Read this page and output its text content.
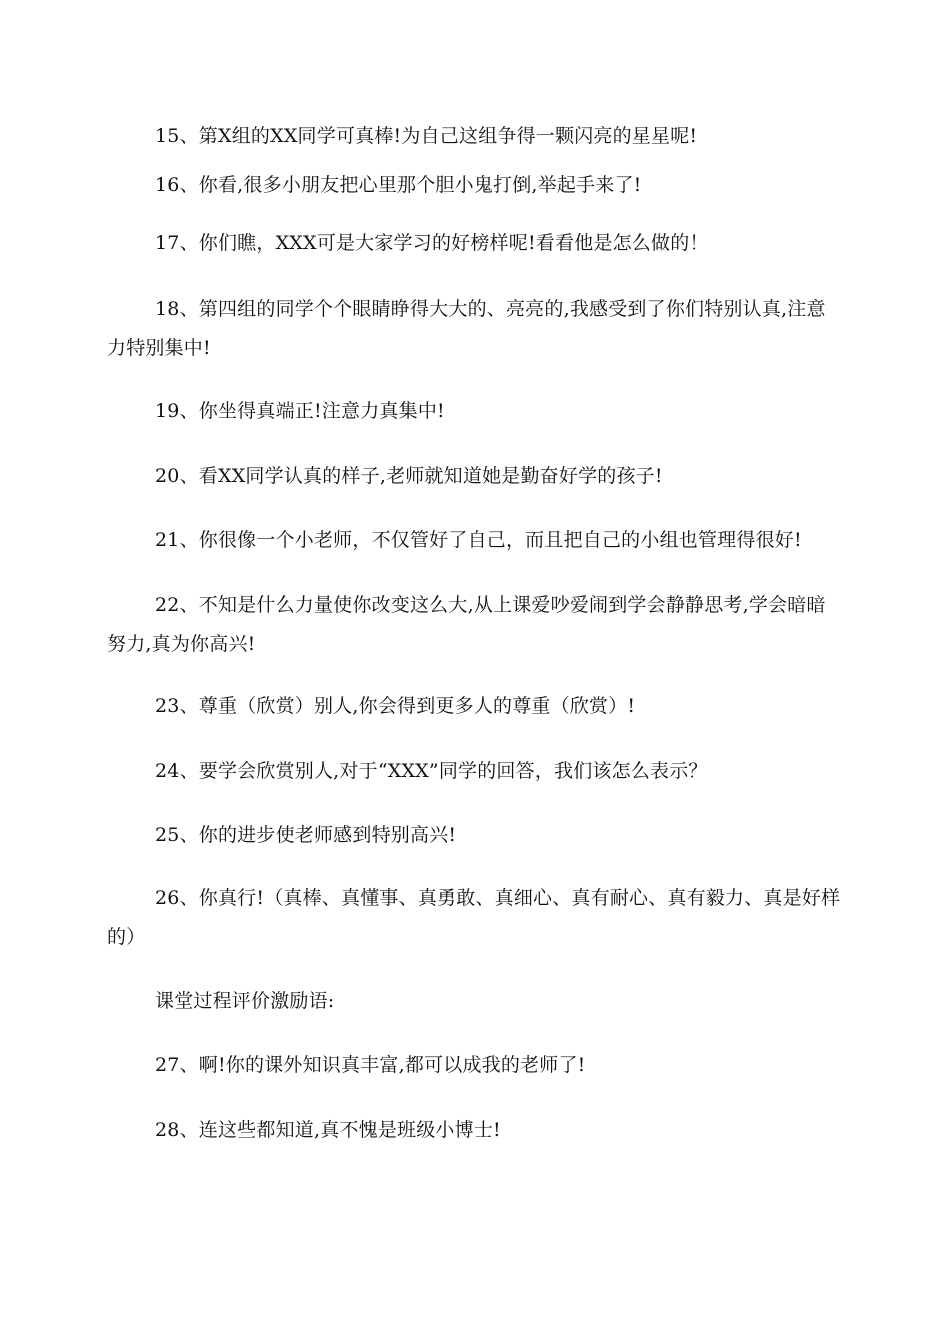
15、第X组的XX同学可真棒!为自己这组争得一颗闪亮的星星呢!

16、你看,很多小朋友把心里那个胆小鬼打倒,举起手来了!

17、你们瞧，XXX可是大家学习的好榜样呢!看看他是怎么做的！

18、第四组的同学个个眼睛睁得大大的、亮亮的,我感受到了你们特别认真,注意力特别集中!

19、你坐得真端正!注意力真集中!

20、看XX同学认真的样子,老师就知道她是勤奋好学的孩子!

21、你很像一个小老师，不仅管好了自己，而且把自己的小组也管理得很好!

22、不知是什么力量使你改变这么大,从上课爱吵爱闹到学会静静思考,学会暗暗努力,真为你高兴!

23、尊重（欣赏）别人,你会得到更多人的尊重（欣赏）!

24、要学会欣赏别人,对于“XXX”同学的回答，我们该怎么表示？

25、你的进步使老师感到特别高兴!

26、你真行!（真棒、真懂事、真勇敢、真细心、真有耐心、真有毅力、真是好样的）

课堂过程评价激励语:

27、啊!你的课外知识真丰富,都可以成我的老师了!

28、连这些都知道,真不愧是班级小博士!
